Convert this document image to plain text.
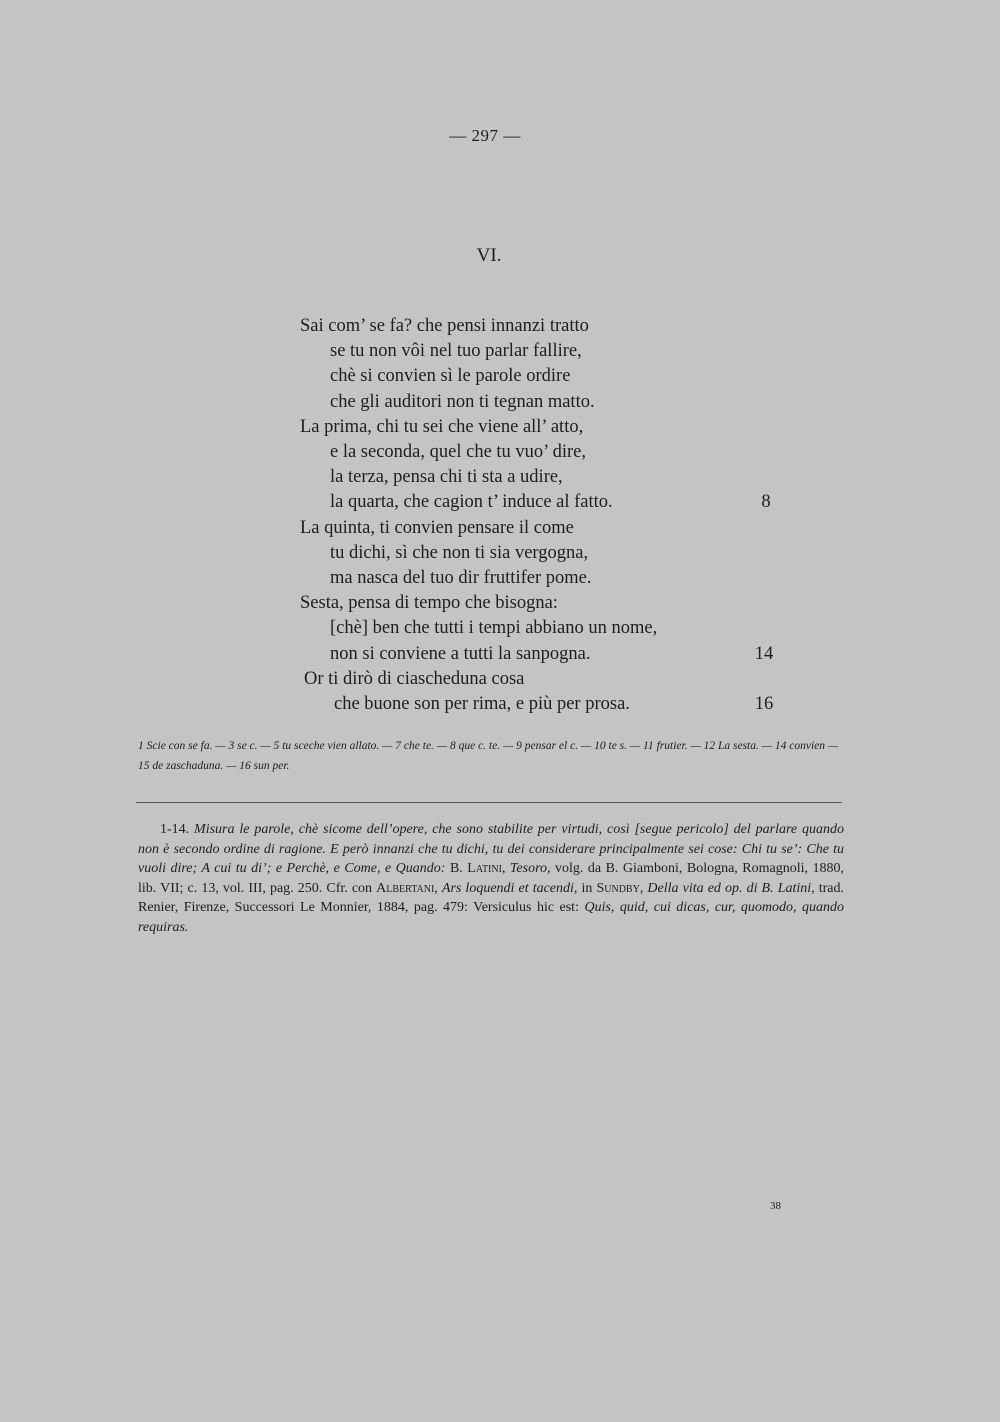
— 297 —
VI.
Sai com’ se fa? che pensi innanzi tratto
se tu non vôi nel tuo parlar fallire,
chè si convien sì le parole ordire
che gli auditori non ti tegnan matto.
La prima, chi tu sei che viene all’ atto,
e la seconda, quel che tu vuo’ dire,
la terza, pensa chi ti sta a udire,
la quarta, che cagion t’ induce al fatto.	8
La quinta, ti convien pensare il come
tu dichi, sì che non ti sia vergogna,
ma nasca del tuo dir fruttifer pome.
Sesta, pensa di tempo che bisogna:
[chè] ben che tutti i tempi abbiano un nome,
non si conviene a tutti la sanpogna.	14
Or ti dirò di ciascheduna cosa
che buone son per rima, e più per prosa.	16
1 Scie con se fa. — 3 se c. — 5 tu sceche vien allato. — 7 che te. — 8 que c. te. — 9 pensar el c. — 10 te s. — 11 frutier. — 12 La sesta. — 14 convien — 15 de zaschaduna. — 16 sun per.
1-14. Misura le parole, chè sicome dell’opere, che sono stabilite per virtudi, così [segue pericolo] del parlare quando non è secondo ordine di ragione. E però innanzi che tu dichi, tu dei considerare principalmente sei cose: Chi tu se’: Che tu vuoli dire; A cui tu di’; e Perchè, e Come, e Quando: B. Latini, Tesoro, volg. da B. Giamboni, Bologna, Romagnoli, 1880, lib. VII; c. 13, vol. III, pag. 250. Cfr. con Albertani, Ars loquendi et tacendi, in Sundby, Della vita ed op. di B. Latini, trad. Renier, Firenze, Successori Le Monnier, 1884, pag. 479: Versiculus hic est: Quis, quid, cui dicas, cur, quomodo, quando requiras.
38
